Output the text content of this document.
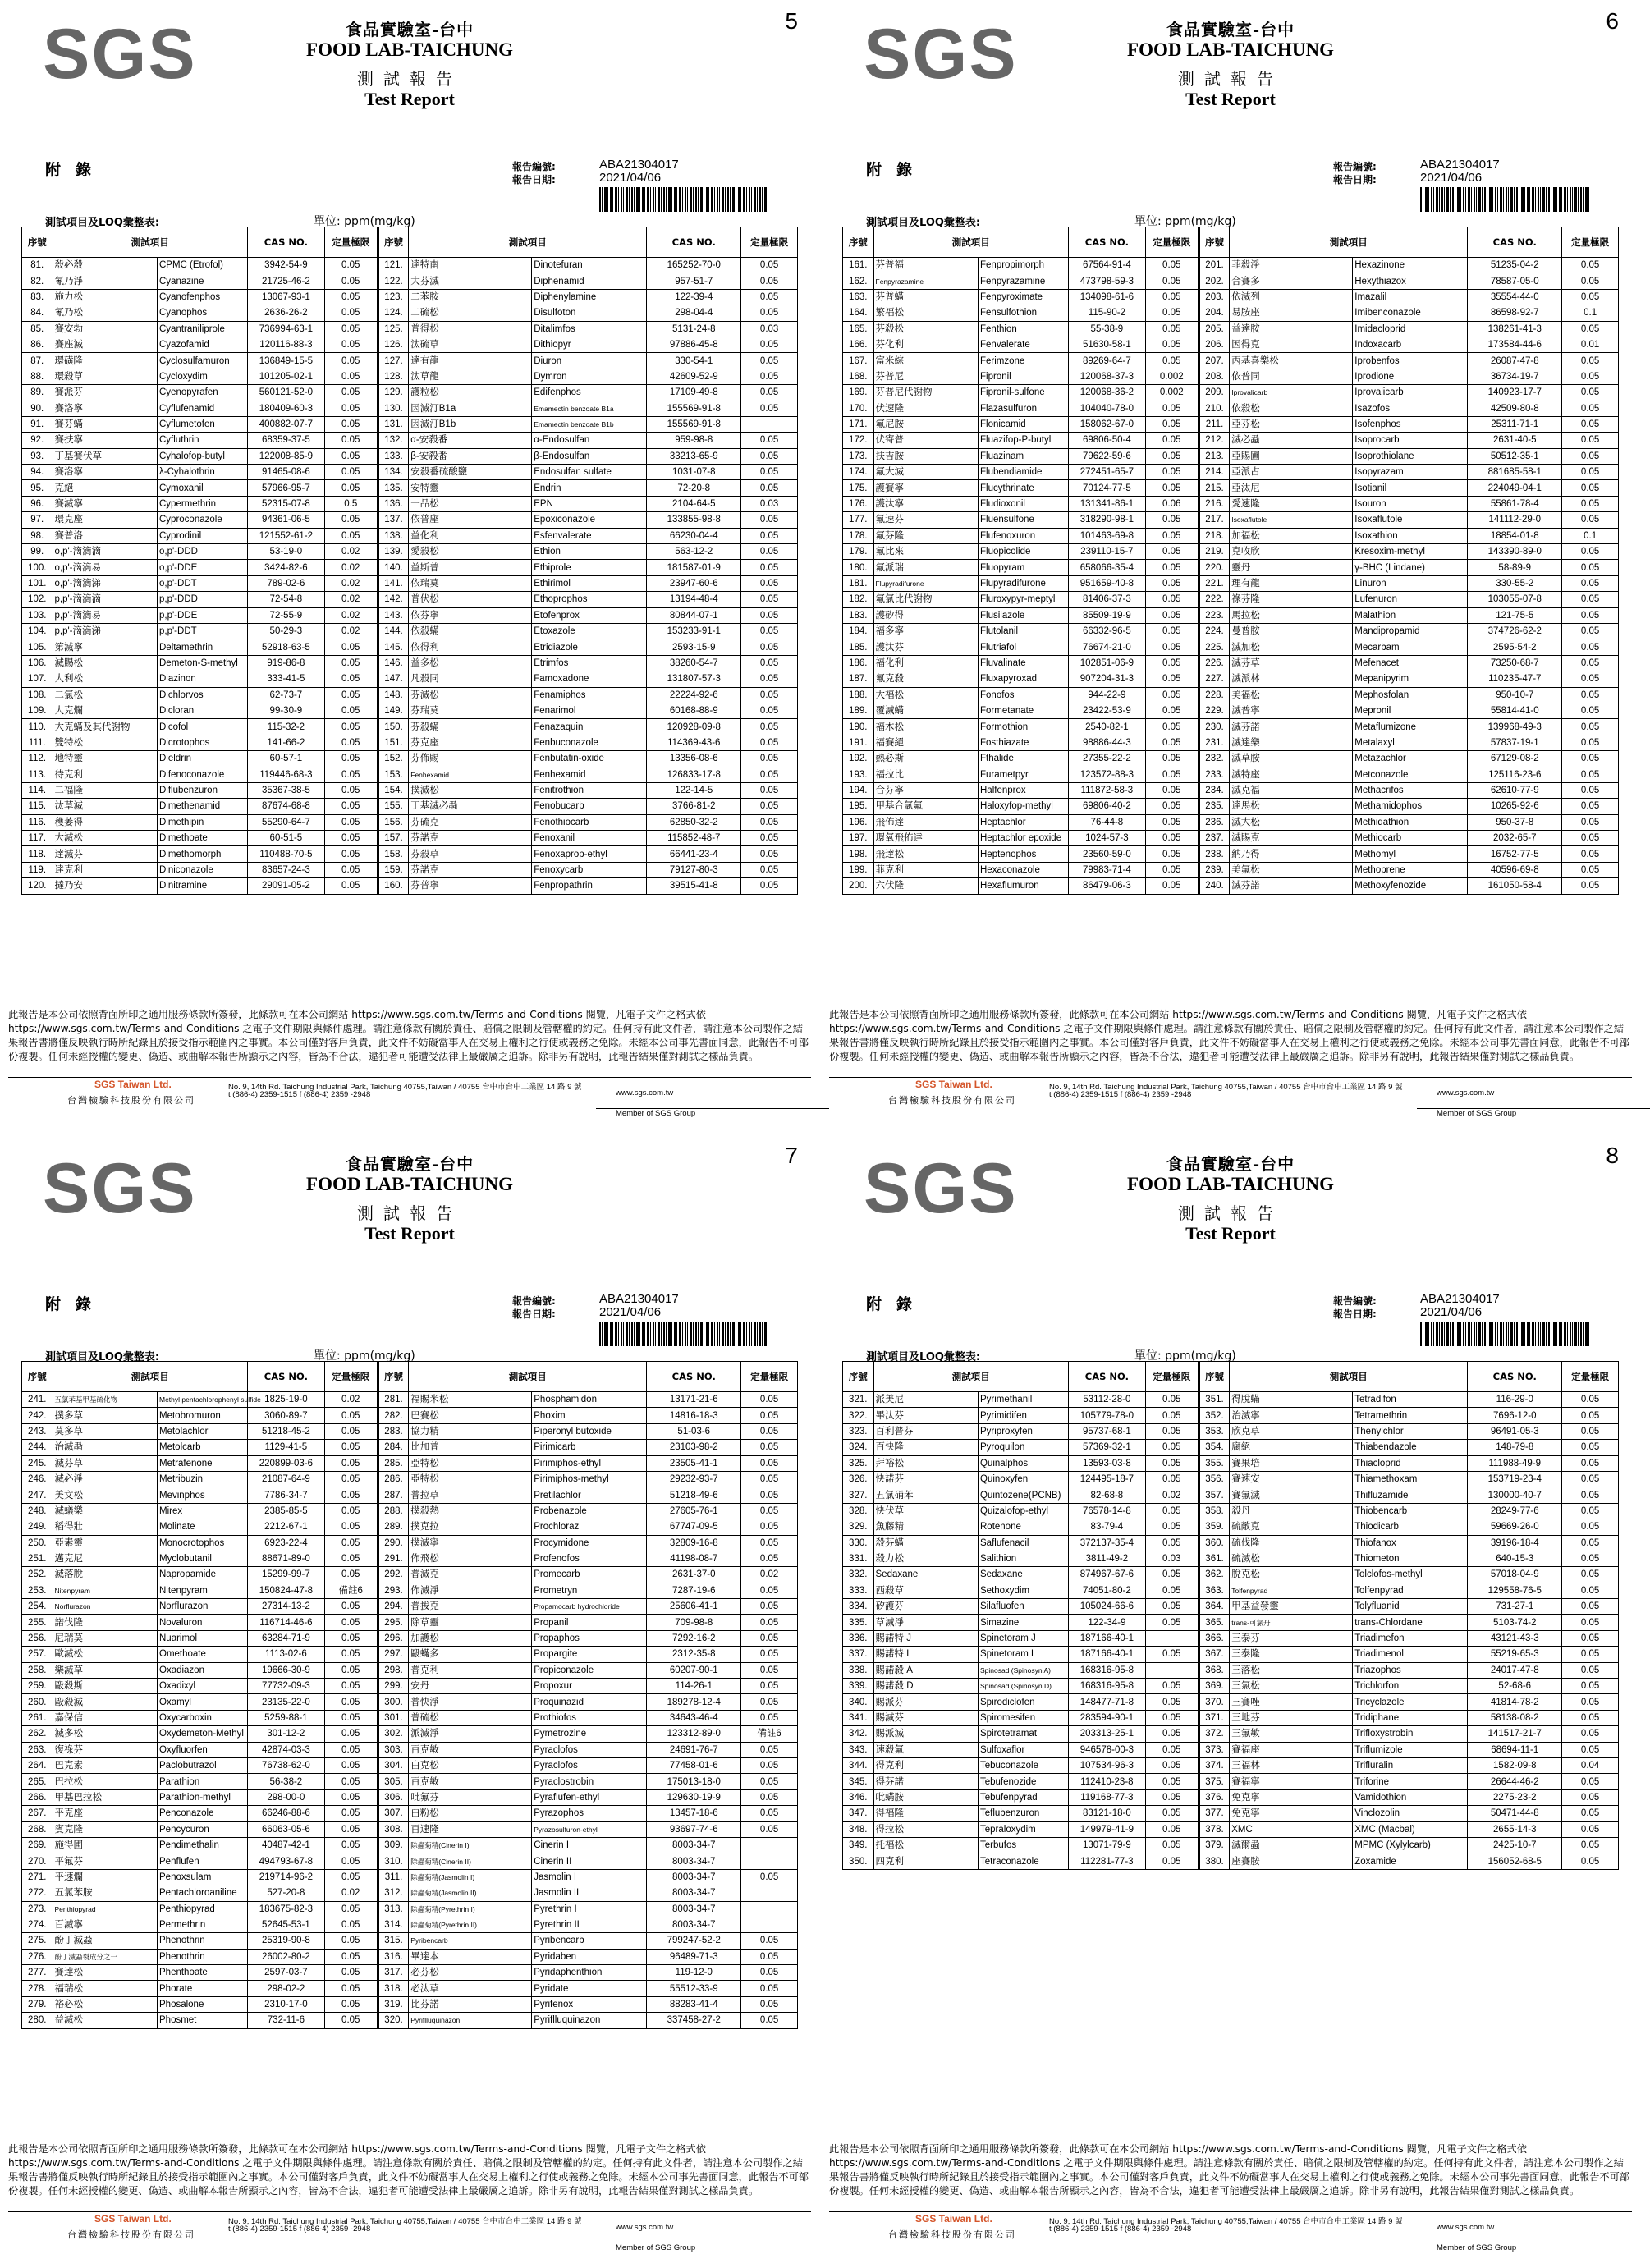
SGS	5
食品實驗室-台中
FOOD LAB-TAICHUNG
測試報告
Test Report
附錄	報告編號:
報告日期:
ABA21304017
2021/04/06
測試項目及LOQ彙整表:	單位: ppm(mg/kg)
序號	測試項目		CAS NO.	定量極限	序號	測試項目		CAS NO.	定量極限
81.	殺必殺	CPMC (Etrofol)	3942-54-9	0.05	121.	達特南	Dinotefuran	165252-70-0	0.05
82.	氰乃淨	Cyanazine	21725-46-2	0.05	122.	大芬滅	Diphenamid	957-51-7	0.05
83.	施力松	Cyanofenphos	13067-93-1	0.05	123.	二苯胺	Diphenylamine	122-39-4	0.05
84.	氰乃松	Cyanophos	2636-26-2	0.05	124.	二硫松	Disulfoton	298-04-4	0.05
85.	賽安勃	Cyantraniliprole	736994-63-1	0.05	125.	普得松	Ditalimfos	5131-24-8	0.03
86.	賽座滅	Cyazofamid	120116-88-3	0.05	126.	汰硫草	Dithiopyr	97886-45-8	0.05
87.	環磺隆	Cyclosulfamuron	136849-15-5	0.05	127.	達有龍	Diuron	330-54-1	0.05
88.	環殺草	Cycloxydim	101205-02-1	0.05	128.	汰草龍	Dymron	42609-52-9	0.05
89.	賽派芬	Cyenopyrafen	560121-52-0	0.05	129.	護粒松	Edifenphos	17109-49-8	0.05
90.	賽洛寧	Cyflufenamid	180409-60-3	0.05	130.	因滅汀B1a	Emamectin benzoate B1a	155569-91-8	0.05
91.	賽芬蟎	Cyflumetofen	400882-07-7	0.05	131.	因滅汀B1b	Emamectin benzoate B1b	155569-91-8	
92.	賽扶寧	Cyfluthrin	68359-37-5	0.05	132.	α-安殺番	α-Endosulfan	959-98-8	0.05
93.	丁基賽伏草	Cyhalofop-butyl	122008-85-9	0.05	133.	β-安殺番	β-Endosulfan	33213-65-9	0.05
94.	賽洛寧	λ-Cyhalothrin	91465-08-6	0.05	134.	安殺番硫酸鹽	Endosulfan sulfate	1031-07-8	0.05
95.	克絕	Cymoxanil	57966-95-7	0.05	135.	安特靈	Endrin	72-20-8	0.05
96.	賽滅寧	Cypermethrin	52315-07-8	0.5	136.	一品松	EPN	2104-64-5	0.03
97.	環克座	Cyproconazole	94361-06-5	0.05	137.	依普座	Epoxiconazole	133855-98-8	0.05
98.	賽普洛	Cyprodinil	121552-61-2	0.05	138.	益化利	Esfenvalerate	66230-04-4	0.05
99.	o,p'-滴滴滴	o,p'-DDD	53-19-0	0.02	139.	愛殺松	Ethion	563-12-2	0.05
100.	o,p'-滴滴易	o,p'-DDE	3424-82-6	0.02	140.	益斯普	Ethiprole	181587-01-9	0.05
101.	o,p'-滴滴涕	o,p'-DDT	789-02-6	0.02	141.	依瑞莫	Ethirimol	23947-60-6	0.05
102.	p,p'-滴滴滴	p,p'-DDD	72-54-8	0.02	142.	普伏松	Ethoprophos	13194-48-4	0.05
103.	p,p'-滴滴易	p,p'-DDE	72-55-9	0.02	143.	依芬寧	Etofenprox	80844-07-1	0.05
104.	p,p'-滴滴涕	p,p'-DDT	50-29-3	0.02	144.	依殺蟎	Etoxazole	153233-91-1	0.05
105.	第滅寧	Deltamethrin	52918-63-5	0.05	145.	依得利	Etridiazole	2593-15-9	0.05
106.	滅賜松	Demeton-S-methyl	919-86-8	0.05	146.	益多松	Etrimfos	38260-54-7	0.05
107.	大利松	Diazinon	333-41-5	0.05	147.	凡殺同	Famoxadone	131807-57-3	0.05
108.	二氯松	Dichlorvos	62-73-7	0.05	148.	芬滅松	Fenamiphos	22224-92-6	0.05
109.	大克爛	Dicloran	99-30-9	0.05	149.	芬瑞莫	Fenarimol	60168-88-9	0.05
110.	大克蟎及其代謝物	Dicofol	115-32-2	0.05	150.	芬殺蟎	Fenazaquin	120928-09-8	0.05
111.	雙特松	Dicrotophos	141-66-2	0.05	151.	芬克座	Fenbuconazole	114369-43-6	0.05
112.	地特靈	Dieldrin	60-57-1	0.05	152.	芬佈賜	Fenbutatin-oxide	13356-08-6	0.05
113.	待克利	Difenoconazole	119446-68-3	0.05	153.	Fenhexamid	Fenhexamid	126833-17-8	0.05
114.	二福隆	Diflubenzuron	35367-38-5	0.05	154.	撲滅松	Fenitrothion	122-14-5	0.05
115.	汰草滅	Dimethenamid	87674-68-8	0.05	155.	丁基滅必蝨	Fenobucarb	3766-81-2	0.05
116.	穫萎得	Dimethipin	55290-64-7	0.05	156.	芬硫克	Fenothiocarb	62850-32-2	0.05
117.	大滅松	Dimethoate	60-51-5	0.05	157.	芬諾克	Fenoxanil	115852-48-7	0.05
118.	達滅芬	Dimethomorph	110488-70-5	0.05	158.	芬殺草	Fenoxaprop-ethyl	66441-23-4	0.05
119.	達克利	Diniconazole	83657-24-3	0.05	159.	芬諾克	Fenoxycarb	79127-80-3	0.05
120.	撻乃安	Dinitramine	29091-05-2	0.05	160.	芬普寧	Fenpropathrin	39515-41-8	0.05
此報告是本公司依照背面所印之通用服務條款所簽發，此條款可在本公司網站 https://www.sgs.com.tw/Terms-and-Conditions 閱覽，凡電子文件之格式依https://www.sgs.com.tw/Terms-and-Conditions 之電子文件期限與條件處理。請注意條款有關於責任、賠償之限制及管轄權的約定。任何持有此文件者，請注意本公司製作之結果報告書將僅反映執行時所紀錄且於接受指示範圍內之事實。本公司僅對客戶負責，此文件不妨礙當事人在交易上權利之行使或義務之免除。未經本公司事先書面同意，此報告不可部份複製。任何未經授權的變更、偽造、或曲解本報告所顯示之內容，皆為不合法，違犯者可能遭受法律上最嚴厲之追訴。除非另有說明，此報告結果僅對測試之樣品負責。
SGS Taiwan Ltd.
台灣檢驗科技股份有限公司
No. 9, 14th Rd. Taichung Industrial Park, Taichung 40755,Taiwan / 40755 台中市台中工業區 14 路 9 號
t (886-4) 2359-1515 f (886-4) 2359 -2948	www.sgs.com.tw
Member of SGS Group
SGS	6
食品實驗室-台中
FOOD LAB-TAICHUNG
測試報告
Test Report
附錄	報告編號:
報告日期:
ABA21304017
2021/04/06
測試項目及LOQ彙整表:	單位: ppm(mg/kg)
序號	測試項目		CAS NO.	定量極限	序號	測試項目		CAS NO.	定量極限
161.	芬普福	Fenpropimorph	67564-91-4	0.05	201.	菲殺淨	Hexazinone	51235-04-2	0.05
162.	Fenpyrazamine	Fenpyrazamine	473798-59-3	0.05	202.	合賽多	Hexythiazox	78587-05-0	0.05
163.	芬普蟎	Fenpyroximate	134098-61-6	0.05	203.	依滅列	Imazalil	35554-44-0	0.05
164.	繁福松	Fensulfothion	115-90-2	0.05	204.	易胺座	Imibenconazole	86598-92-7	0.1
165.	芬殺松	Fenthion	55-38-9	0.05	205.	益達胺	Imidacloprid	138261-41-3	0.05
166.	芬化利	Fenvalerate	51630-58-1	0.05	206.	因得克	Indoxacarb	173584-44-6	0.01
167.	富米綜	Ferimzone	89269-64-7	0.05	207.	丙基喜樂松	Iprobenfos	26087-47-8	0.05
168.	芬普尼	Fipronil	120068-37-3	0.002	208.	依普同	Iprodione	36734-19-7	0.05
169.	芬普尼代謝物	Fipronil-sulfone	120068-36-2	0.002	209.	Iprovalicarb	Iprovalicarb	140923-17-7	0.05
170.	伏速隆	Flazasulfuron	104040-78-0	0.05	210.	依殺松	Isazofos	42509-80-8	0.05
171.	氟尼胺	Flonicamid	158062-67-0	0.05	211.	亞芬松	Isofenphos	25311-71-1	0.05
172.	伏寄普	Fluazifop-P-butyl	69806-50-4	0.05	212.	滅必蝨	Isoprocarb	2631-40-5	0.05
173.	扶吉胺	Fluazinam	79622-59-6	0.05	213.	亞賜圃	Isoprothiolane	50512-35-1	0.05
174.	氟大滅	Flubendiamide	272451-65-7	0.05	214.	亞派占	Isopyrazam	881685-58-1	0.05
175.	護賽寧	Flucythrinate	70124-77-5	0.05	215.	亞汰尼	Isotianil	224049-04-1	0.05
176.	護汰寧	Fludioxonil	131341-86-1	0.06	216.	愛速隆	Isouron	55861-78-4	0.05
177.	氟速芬	Fluensulfone	318290-98-1	0.05	217.	Isoxaflutole	Isoxaflutole	141112-29-0	0.05
178.	氟芬隆	Flufenoxuron	101463-69-8	0.05	218.	加福松	Isoxathion	18854-01-8	0.1
179.	氟比來	Fluopicolide	239110-15-7	0.05	219.	克收欣	Kresoxim-methyl	143390-89-0	0.05
180.	氟派瑞	Fluopyram	658066-35-4	0.05	220.	靈丹	γ-BHC (Lindane)	58-89-9	0.05
181.	Flupyradifurone	Flupyradifurone	951659-40-8	0.05	221.	理有龍	Linuron	330-55-2	0.05
182.	氟氯比代謝物	Fluroxypyr-meptyl	81406-37-3	0.05	222.	祿芬隆	Lufenuron	103055-07-8	0.05
183.	護矽得	Flusilazole	85509-19-9	0.05	223.	馬拉松	Malathion	121-75-5	0.05
184.	福多寧	Flutolanil	66332-96-5	0.05	224.	曼普胺	Mandipropamid	374726-62-2	0.05
185.	護汰芬	Flutriafol	76674-21-0	0.05	225.	滅加松	Mecarbam	2595-54-2	0.05
186.	福化利	Fluvalinate	102851-06-9	0.05	226.	滅芬草	Mefenacet	73250-68-7	0.05
187.	氟克殺	Fluxapyroxad	907204-31-3	0.05	227.	滅派林	Mepanipyrim	110235-47-7	0.05
188.	大福松	Fonofos	944-22-9	0.05	228.	美福松	Mephosfolan	950-10-7	0.05
189.	覆滅蟎	Formetanate	23422-53-9	0.05	229.	滅普寧	Mepronil	55814-41-0	0.05
190.	福木松	Formothion	2540-82-1	0.05	230.	滅芬諾	Metaflumizone	139968-49-3	0.05
191.	福賽絕	Fosthiazate	98886-44-3	0.05	231.	滅達樂	Metalaxyl	57837-19-1	0.05
192.	熱必斯	Fthalide	27355-22-2	0.05	232.	滅草胺	Metazachlor	67129-08-2	0.05
193.	福拉比	Furametpyr	123572-88-3	0.05	233.	滅特座	Metconazole	125116-23-6	0.05
194.	合芬寧	Halfenprox	111872-58-3	0.05	234.	滅克福	Methacrifos	62610-77-9	0.05
195.	甲基合氯氟	Haloxyfop-methyl	69806-40-2	0.05	235.	達馬松	Methamidophos	10265-92-6	0.05
196.	飛佈達	Heptachlor	76-44-8	0.05	236.	滅大松	Methidathion	950-37-8	0.05
197.	環氧飛佈達	Heptachlor epoxide	1024-57-3	0.05	237.	滅賜克	Methiocarb	2032-65-7	0.05
198.	飛達松	Heptenophos	23560-59-0	0.05	238.	納乃得	Methomyl	16752-77-5	0.05
199.	菲克利	Hexaconazole	79983-71-4	0.05	239.	美氟松	Methoprene	40596-69-8	0.05
200.	六伏隆	Hexaflumuron	86479-06-3	0.05	240.	滅芬諾	Methoxyfenozide	161050-58-4	0.05
此報告是本公司依照背面所印之通用服務條款所簽發，此條款可在本公司網站 https://www.sgs.com.tw/Terms-and-Conditions 閱覽，凡電子文件之格式依https://www.sgs.com.tw/Terms-and-Conditions 之電子文件期限與條件處理。請注意條款有關於責任、賠償之限制及管轄權的約定。任何持有此文件者，請注意本公司製作之結果報告書將僅反映執行時所紀錄且於接受指示範圍內之事實。本公司僅對客戶負責，此文件不妨礙當事人在交易上權利之行使或義務之免除。未經本公司事先書面同意，此報告不可部份複製。任何未經授權的變更、偽造、或曲解本報告所顯示之內容，皆為不合法，違犯者可能遭受法律上最嚴厲之追訴。除非另有說明，此報告結果僅對測試之樣品負責。
SGS Taiwan Ltd.
台灣檢驗科技股份有限公司
No. 9, 14th Rd. Taichung Industrial Park, Taichung 40755,Taiwan / 40755 台中市台中工業區 14 路 9 號
t (886-4) 2359-1515 f (886-4) 2359 -2948	www.sgs.com.tw
Member of SGS Group
SGS	7
食品實驗室-台中
FOOD LAB-TAICHUNG
測試報告
Test Report
附錄	報告編號:
報告日期:
ABA21304017
2021/04/06
測試項目及LOQ彙整表:	單位: ppm(mg/kg)
序號	測試項目		CAS NO.	定量極限	序號	測試項目		CAS NO.	定量極限
241.	五氯苯基甲基硫化物	Methyl pentachlorophenyl sulfide	1825-19-0	0.02	281.	福賜米松	Phosphamidon	13171-21-6	0.05
242.	撲多草	Metobromuron	3060-89-7	0.05	282.	巴賽松	Phoxim	14816-18-3	0.05
243.	莫多草	Metolachlor	51218-45-2	0.05	283.	協力精	Piperonyl butoxide	51-03-6	0.05
244.	治滅蝨	Metolcarb	1129-41-5	0.05	284.	比加普	Pirimicarb	23103-98-2	0.05
245.	滅芬草	Metrafenone	220899-03-6	0.05	285.	亞特松	Pirimiphos-ethyl	23505-41-1	0.05
246.	滅必淨	Metribuzin	21087-64-9	0.05	286.	亞特松	Pirimiphos-methyl	29232-93-7	0.05
247.	美文松	Mevinphos	7786-34-7	0.05	287.	普拉草	Pretilachlor	51218-49-6	0.05
248.	滅蟻樂	Mirex	2385-85-5	0.05	288.	撲殺熱	Probenazole	27605-76-1	0.05
249.	稻得壯	Molinate	2212-67-1	0.05	289.	撲克拉	Prochloraz	67747-09-5	0.05
250.	亞素靈	Monocrotophos	6923-22-4	0.05	290.	撲滅寧	Procymidone	32809-16-8	0.05
251.	邁克尼	Myclobutanil	88671-89-0	0.05	291.	佈飛松	Profenofos	41198-08-7	0.05
252.	滅落脫	Napropamide	15299-99-7	0.05	292.	普滅克	Promecarb	2631-37-0	0.02
253.	Nitenpyram	Nitenpyram	150824-47-8	備註6	293.	佈滅淨	Prometryn	7287-19-6	0.05
254.	Norflurazon	Norflurazon	27314-13-2	0.05	294.	普拔克	Propamocarb hydrochloride	25606-41-1	0.05
255.	諾伐隆	Novaluron	116714-46-6	0.05	295.	除草靈	Propanil	709-98-8	0.05
256.	尼瑞莫	Nuarimol	63284-71-9	0.05	296.	加護松	Propaphos	7292-16-2	0.05
257.	歐滅松	Omethoate	1113-02-6	0.05	297.	毆蟎多	Propargite	2312-35-8	0.05
258.	樂滅草	Oxadiazon	19666-30-9	0.05	298.	普克利	Propiconazole	60207-90-1	0.05
259.	毆殺斯	Oxadixyl	77732-09-3	0.05	299.	安丹	Propoxur	114-26-1	0.05
260.	毆殺滅	Oxamyl	23135-22-0	0.05	300.	普快淨	Proquinazid	189278-12-4	0.05
261.	嘉保信	Oxycarboxin	5259-88-1	0.05	301.	普硫松	Prothiofos	34643-46-4	0.05
262.	滅多松	Oxydemeton-Methyl	301-12-2	0.05	302.	派滅淨	Pymetrozine	123312-89-0	備註6
263.	復祿芬	Oxyfluorfen	42874-03-3	0.05	303.	百克敏	Pyraclofos	24691-76-7	0.05
264.	巴克素	Paclobutrazol	76738-62-0	0.05	304.	白克松	Pyraclofos	77458-01-6	0.05
265.	巴拉松	Parathion	56-38-2	0.05	305.	百克敏	Pyraclostrobin	175013-18-0	0.05
266.	甲基巴拉松	Parathion-methyl	298-00-0	0.05	306.	吡氟芬	Pyraflufen-ethyl	129630-19-9	0.05
267.	平克座	Penconazole	66246-88-6	0.05	307.	白粉松	Pyrazophos	13457-18-6	0.05
268.	賓克隆	Pencycuron	66063-05-6	0.05	308.	百速隆	Pyrazosulfuron-ethyl	93697-74-6	0.05
269.	施得圃	Pendimethalin	40487-42-1	0.05	309.	除蟲菊精(Cinerin I)	Cinerin I	8003-34-7	
270.	平氟芬	Penflufen	494793-67-8	0.05	310.	除蟲菊精(Cinerin II)	Cinerin II	8003-34-7	
271.	平速爛	Penoxsulam	219714-96-2	0.05	311.	除蟲菊精(Jasmolin I)	Jasmolin I	8003-34-7	0.05
272.	五氯苯胺	Pentachloroaniline	527-20-8	0.02	312.	除蟲菊精(Jasmolin II)	Jasmolin II	8003-34-7	
273.	Penthiopyrad	Penthiopyrad	183675-82-3	0.05	313.	除蟲菊精(Pyrethrin I)	Pyrethrin I	8003-34-7	
274.	百滅寧	Permethrin	52645-53-1	0.05	314.	除蟲菊精(Pyrethrin II)	Pyrethrin II	8003-34-7	
275.	酚丁滅蝨	Phenothrin	25319-90-8	0.05	315.	Pyribencarb	Pyribencarb	799247-52-2	0.05
276.	酚丁滅蝨裂成分之一	Phenothrin	26002-80-2	0.05	316.	畢達本	Pyridaben	96489-71-3	0.05
277.	賽達松	Phenthoate	2597-03-7	0.05	317.	必芬松	Pyridaphenthion	119-12-0	0.05
278.	福瑞松	Phorate	298-02-2	0.05	318.	必汰草	Pyridate	55512-33-9	0.05
279.	裕必松	Phosalone	2310-17-0	0.05	319.	比芬諾	Pyrifenox	88283-41-4	0.05
280.	益滅松	Phosmet	732-11-6	0.05	320.	Pyriflluquinazon	Pyriflluquinazon	337458-27-2	0.05
此報告是本公司依照背面所印之通用服務條款所簽發，此條款可在本公司網站 https://www.sgs.com.tw/Terms-and-Conditions 閱覽，凡電子文件之格式依https://www.sgs.com.tw/Terms-and-Conditions 之電子文件期限與條件處理。請注意條款有關於責任、賠償之限制及管轄權的約定。任何持有此文件者，請注意本公司製作之結果報告書將僅反映執行時所紀錄且於接受指示範圍內之事實。本公司僅對客戶負責，此文件不妨礙當事人在交易上權利之行使或義務之免除。未經本公司事先書面同意，此報告不可部份複製。任何未經授權的變更、偽造、或曲解本報告所顯示之內容，皆為不合法，違犯者可能遭受法律上最嚴厲之追訴。除非另有說明，此報告結果僅對測試之樣品負責。
SGS Taiwan Ltd.
台灣檢驗科技股份有限公司
No. 9, 14th Rd. Taichung Industrial Park, Taichung 40755,Taiwan / 40755 台中市台中工業區 14 路 9 號
t (886-4) 2359-1515 f (886-4) 2359 -2948	www.sgs.com.tw
Member of SGS Group
SGS	8
食品實驗室-台中
FOOD LAB-TAICHUNG
測試報告
Test Report
附錄	報告編號:
報告日期:
ABA21304017
2021/04/06
測試項目及LOQ彙整表:	單位: ppm(mg/kg)
序號	測試項目		CAS NO.	定量極限	序號	測試項目		CAS NO.	定量極限
321.	派美尼	Pyrimethanil	53112-28-0	0.05	351.	得脫蟎	Tetradifon	116-29-0	0.05
322.	畢汰芬	Pyrimidifen	105779-78-0	0.05	352.	治滅寧	Tetramethrin	7696-12-0	0.05
323.	百利普芬	Pyriproxyfen	95737-68-1	0.05	353.	欣克草	Thenylchlor	96491-05-3	0.05
324.	百快隆	Pyroquilon	57369-32-1	0.05	354.	腐絕	Thiabendazole	148-79-8	0.05
325.	拜裕松	Quinalphos	13593-03-8	0.05	355.	賽果培	Thiacloprid	111988-49-9	0.05
326.	快諾芬	Quinoxyfen	124495-18-7	0.05	356.	賽速安	Thiamethoxam	153719-23-4	0.05
327.	五氯硝苯	Quintozene(PCNB)	82-68-8	0.02	357.	賽氟滅	Thifluzamide	130000-40-7	0.05
328.	快伏草	Quizalofop-ethyl	76578-14-8	0.05	358.	殺丹	Thiobencarb	28249-77-6	0.05
329.	魚藤精	Rotenone	83-79-4	0.05	359.	硫敵克	Thiodicarb	59669-26-0	0.05
330.	殺芬蟎	Saflufenacil	372137-35-4	0.05	360.	硫伐隆	Thiofanox	39196-18-4	0.05
331.	殺力松	Salithion	3811-49-2	0.03	361.	硫滅松	Thiometon	640-15-3	0.05
332.	Sedaxane	Sedaxane	874967-67-6	0.05	362.	脫克松	Tolclofos-methyl	57018-04-9	0.05
333.	西殺草	Sethoxydim	74051-80-2	0.05	363.	Tolfenpyrad	Tolfenpyrad	129558-76-5	0.05
334.	矽護芬	Silafluofen	105024-66-6	0.05	364.	甲基益發靈	Tolyfluanid	731-27-1	0.05
335.	草滅淨	Simazine	122-34-9	0.05	365.	trans-可氯丹	trans-Chlordane	5103-74-2	0.05
336.	賜諾特 J	Spinetoram J	187166-40-1		366.	三泰芬	Triadimefon	43121-43-3	0.05
337.	賜諾特 L	Spinetoram L	187166-40-1	0.05	367.	三泰隆	Triadimenol	55219-65-3	0.05
338.	賜諾殺 A	Spinosad (Spinosyn A)	168316-95-8		368.	三落松	Triazophos	24017-47-8	0.05
339.	賜諾殺 D	Spinosad (Spinosyn D)	168316-95-8	0.05	369.	三氯松	Trichlorfon	52-68-6	0.05
340.	賜派芬	Spirodiclofen	148477-71-8	0.05	370.	三賽唑	Tricyclazole	41814-78-2	0.05
341.	賜滅芬	Spiromesifen	283594-90-1	0.05	371.	三地芬	Tridiphane	58138-08-2	0.05
342.	賜派滅	Spirotetramat	203313-25-1	0.05	372.	三氟敏	Trifloxystrobin	141517-21-7	0.05
343.	速殺氟	Sulfoxaflor	946578-00-3	0.05	373.	賽福座	Triflumizole	68694-11-1	0.05
344.	得克利	Tebuconazole	107534-96-3	0.05	374.	三福林	Trifluralin	1582-09-8	0.04
345.	得芬諾	Tebufenozide	112410-23-8	0.05	375.	賽福寧	Triforine	26644-46-2	0.05
346.	吡蟎胺	Tebufenpyrad	119168-77-3	0.05	376.	免克寧	Vamidothion	2275-23-2	0.05
347.	得福隆	Teflubenzuron	83121-18-0	0.05	377.	免克寧	Vinclozolin	50471-44-8	0.05
348.	得拉松	Tepraloxydim	149979-41-9	0.05	378.	XMC	XMC (Macbal)	2655-14-3	0.05
349.	托福松	Terbufos	13071-79-9	0.05	379.	滅爾蝨	MPMC (Xylylcarb)	2425-10-7	0.05
350.	四克利	Tetraconazole	112281-77-3	0.05	380.	座賽胺	Zoxamide	156052-68-5	0.05
此報告是本公司依照背面所印之通用服務條款所簽發，此條款可在本公司網站 https://www.sgs.com.tw/Terms-and-Conditions 閱覽，凡電子文件之格式依https://www.sgs.com.tw/Terms-and-Conditions 之電子文件期限與條件處理。請注意條款有關於責任、賠償之限制及管轄權的約定。任何持有此文件者，請注意本公司製作之結果報告書將僅反映執行時所紀錄且於接受指示範圍內之事實。本公司僅對客戶負責，此文件不妨礙當事人在交易上權利之行使或義務之免除。未經本公司事先書面同意，此報告不可部份複製。任何未經授權的變更、偽造、或曲解本報告所顯示之內容，皆為不合法，違犯者可能遭受法律上最嚴厲之追訴。除非另有說明，此報告結果僅對測試之樣品負責。
SGS Taiwan Ltd.
台灣檢驗科技股份有限公司
No. 9, 14th Rd. Taichung Industrial Park, Taichung 40755,Taiwan / 40755 台中市台中工業區 14 路 9 號
t (886-4) 2359-1515 f (886-4) 2359 -2948	www.sgs.com.tw
Member of SGS Group
